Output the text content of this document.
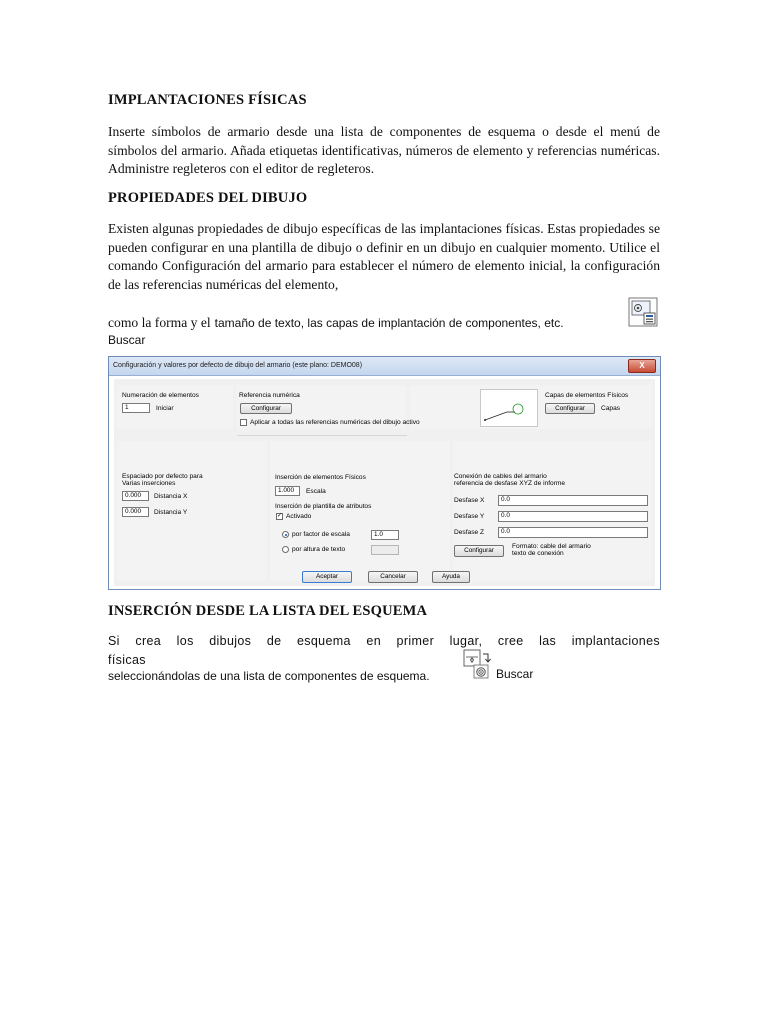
IMPLANTACIONES FÍSICAS

Inserte símbolos de armario desde una lista de componentes de esquema o desde el menú de símbolos del armario. Añada etiquetas identificativas, números de elemento y referencias numéricas. Administre regleteros con el editor de regleteros.

PROPIEDADES DEL DIBUJO

Existen algunas propiedades de dibujo específicas de las implantaciones físicas. Estas propiedades se pueden configurar en una plantilla de dibujo o definir en un dibujo en cualquier momento. Utilice el comando Configuración del armario para establecer el número de elemento inicial, la configuración de las referencias numéricas del elemento,

como la forma y el tamaño de texto, las capas de implantación de componentes, etc.
Buscar
Configuración y valores por defecto de dibujo del armario (este plano: DEMO08)	X
Numeración de elementos
1	Iniciar
Referencia numérica
Configurar
Aplicar a todas las referencias numéricas del dibujo activo
Capas de elementos Físicos
Configurar	Capas
Espaciado por defecto para
Varias inserciones
0.000	Distancia X
0.000	Distancia Y
Inserción de elementos Físicos
1.000	Escala
Inserción de plantilla de atributos
✓ Activado
por factor de escala	1.0
por altura de texto
Conexión de cables del armario
referencia de desfase XYZ de informe
Desfase X	0.0
Desfase Y	0.0
Desfase Z	0.0
Configurar
Formato: cable del armario
texto de conexión
Aceptar	Cancelar	Ayuda
INSERCIÓN DESDE LA LISTA DEL ESQUEMA

Si crea los dibujos de esquema en primer lugar, cree las implantaciones físicas

seleccionándolas de una lista de componentes de esquema.	Buscar
